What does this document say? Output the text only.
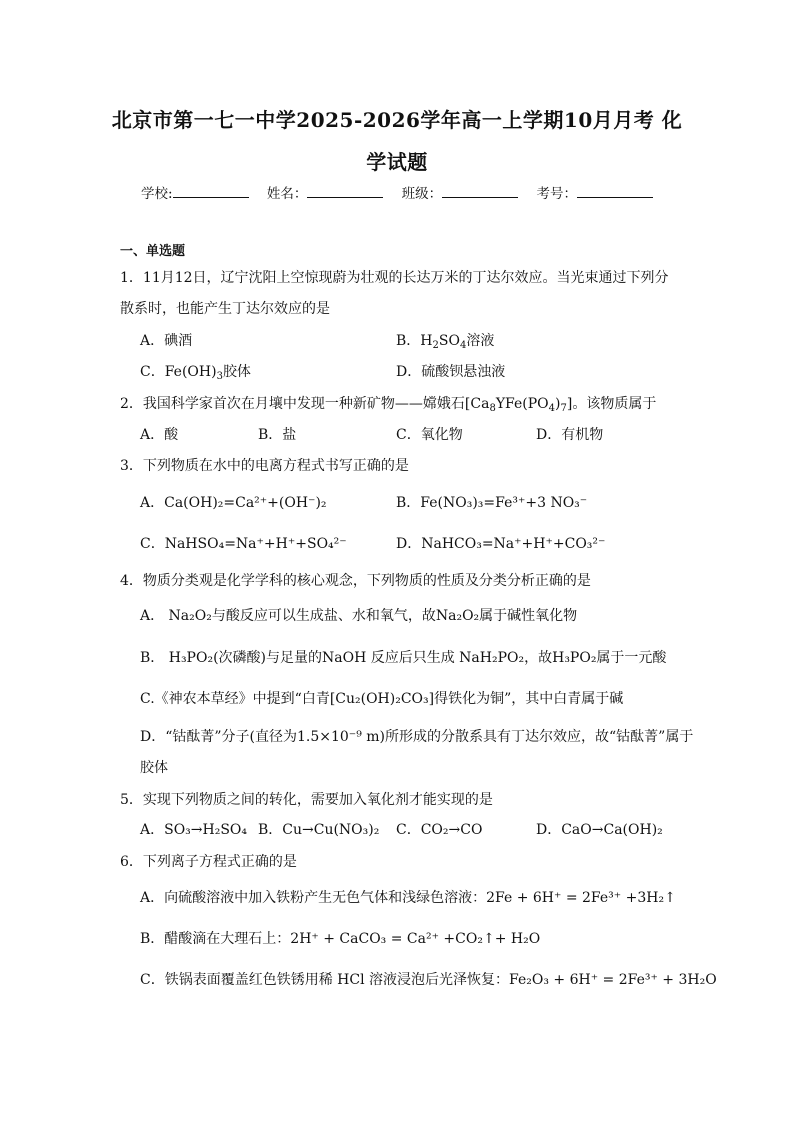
北京市第一七一中学2025-2026学年高一上学期10月月考 化
学试题
学校:	姓名：	班级：	考号：
一、单选题
1．11月12日，辽宁沈阳上空惊现蔚为壮观的长达万米的丁达尔效应。当光束通过下列分
散系时，也能产生丁达尔效应的是
A．碘酒	B．$H_2SO_4$溶液
C．$Fe(OH)_3$胶体	D．硫酸钡悬浊液
2．我国科学家首次在月壤中发现一种新矿物——嫦娥石$[Ca_8YFe(PO_4)_7]$。该物质属于
A．酸	B．盐	C．氧化物	D．有机物
3．下列物质在水中的电离方程式书写正确的是
A．Ca(OH)₂=Ca²⁺+(OH⁻)₂	B．Fe(NO₃)₃=Fe³⁺+3 NO₃⁻
C．NaHSO₄=Na⁺+H⁺+SO₄²⁻	D．NaHCO₃=Na⁺+H⁺+CO₃²⁻
4．物质分类观是化学学科的核心观念，下列物质的性质及分类分析正确的是
A． Na₂O₂与酸反应可以生成盐、水和氧气，故Na₂O₂属于碱性氧化物
B． H₃PO₂(次磷酸)与足量的NaOH 反应后只生成 NaH₂PO₂，故H₃PO₂属于一元酸
C.《神农本草经》中提到“白青[Cu₂(OH)₂CO₃]得铁化为铜”，其中白青属于碱
D．“钴酞菁”分子(直径为1.5×10⁻⁹ m)所形成的分散系具有丁达尔效应，故“钴酞菁”属于
胶体
5．实现下列物质之间的转化，需要加入氧化剂才能实现的是
A．SO₃→H₂SO₄ B．Cu→Cu(NO₃)₂ C．CO₂→CO	D．CaO→Ca(OH)₂
6．下列离子方程式正确的是
A．向硫酸溶液中加入铁粉产生无色气体和浅绿色溶液：2Fe + 6H⁺ = 2Fe³⁺ +3H₂↑
B．醋酸滴在大理石上：2H⁺ + CaCO₃ = Ca²⁺ +CO₂↑+ H₂O
C．铁锅表面覆盖红色铁锈用稀 HCl 溶液浸泡后光泽恢复：Fe₂O₃ + 6H⁺ = 2Fe³⁺ + 3H₂O
